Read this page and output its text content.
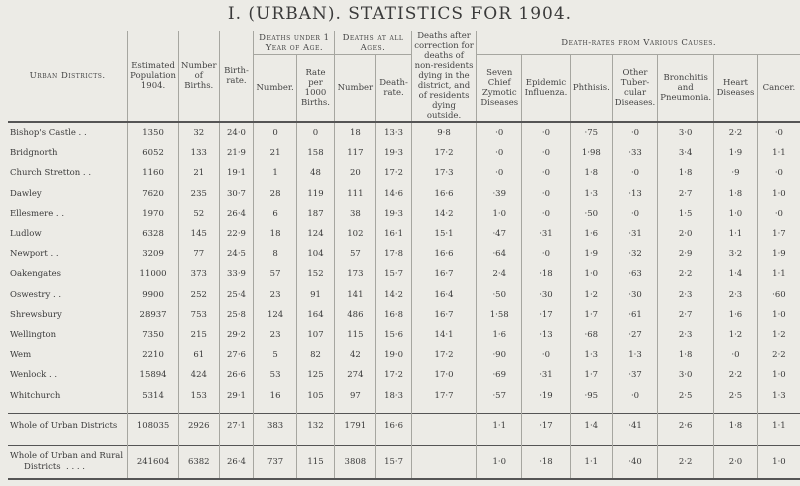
I. (URBAN). STATISTICS FOR 1904.
Urban Districts.	Estimated Population 1904.	Number of Births.	Birth-rate.	Deaths under 1 Year of Age.		Deaths at all Ages.		Deaths after correction for deaths of non-residents dying in the district, and of residents dying outside.	Death-rates from Various Causes.						
				Number.	Rate per 1000 Births.	Number	Death-rate.		Seven Chief Zymotic Diseases	Epidemic Influenza.	Phthisis.	Other Tuber-cular Diseases.	Bronchitis and Pneumonia.	Heart Diseases	Cancer.
Bishop's Castle . .	1350	32	24·0	0	0	18	13·3	9·8	·0	·0	·75	·0	3·0	2·2	·0
Bridgnorth	6052	133	21·9	21	158	117	19·3	17·2	·0	·0	1·98	·33	3·4	1·9	1·1
Church Stretton . .	1160	21	19·1	1	48	20	17·2	17·3	·0	·0	1·8	·0	1·8	·9	·0
Dawley	7620	235	30·7	28	119	111	14·6	16·6	·39	·0	1·3	·13	2·7	1·8	1·0
Ellesmere . .	1970	52	26·4	6	187	38	19·3	14·2	1·0	·0	·50	·0	1·5	1·0	·0
Ludlow	6328	145	22·9	18	124	102	16·1	15·1	·47	·31	1·6	·31	2·0	1·1	1·7
Newport . .	3209	77	24·5	8	104	57	17·8	16·6	·64	·0	1·9	·32	2·9	3·2	1·9
Oakengates	11000	373	33·9	57	152	173	15·7	16·7	2·4	·18	1·0	·63	2·2	1·4	1·1
Oswestry . .	9900	252	25·4	23	91	141	14·2	16·4	·50	·30	1·2	·30	2·3	2·3	·60
Shrewsbury	28937	753	25·8	124	164	486	16·8	16·7	1·58	·17	1·7	·61	2·7	1·6	1·0
Wellington	7350	215	29·2	23	107	115	15·6	14·1	1·6	·13	·68	·27	2·3	1·2	1·2
Wem	2210	61	27·6	5	82	42	19·0	17·2	·90	·0	1·3	1·3	1·8	·0	2·2
Wenlock . .	15894	424	26·6	53	125	274	17·2	17·0	·69	·31	1·7	·37	3·0	2·2	1·0
Whitchurch	5314	153	29·1	16	105	97	18·3	17·7	·57	·19	·95	·0	2·5	2·5	1·3

Whole of Urban Districts	108035	2926	27·1	383	132	1791	16·6		1·1	·17	1·4	·41	2·6	1·8	1·1

Whole of Urban and Rural
Districts . . . .	241604	6382	26·4	737	115	3808	15·7		1·0	·18	1·1	·40	2·2	2·0	1·0
